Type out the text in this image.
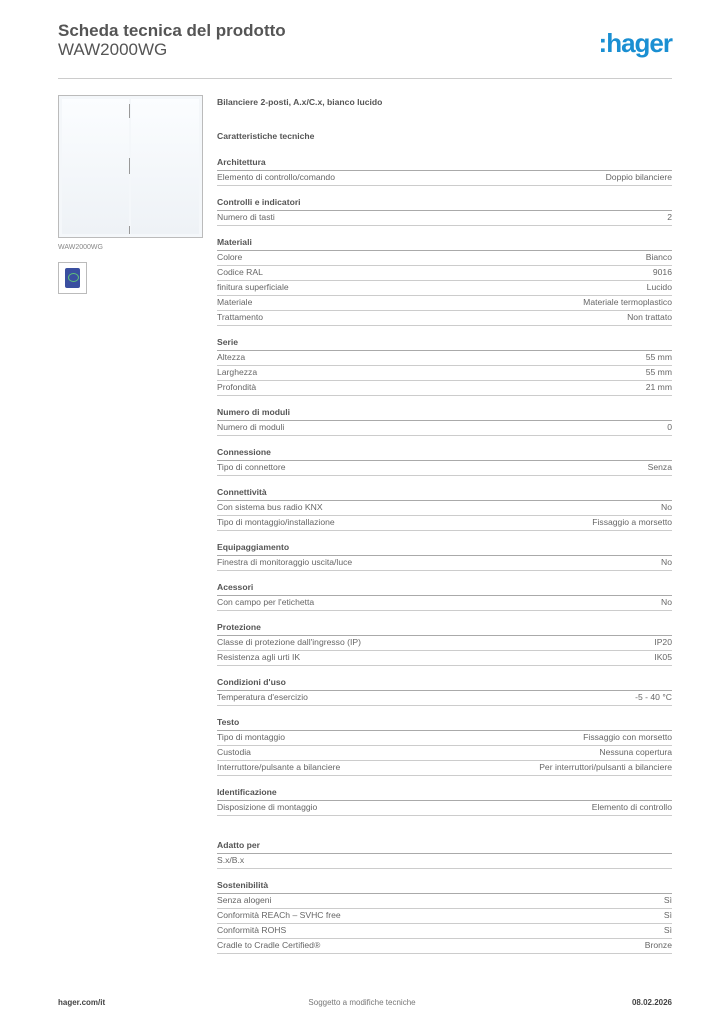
Scheda tecnica del prodotto
WAW2000WG	:hager
WAW2000WG
Bilanciere 2-posti, A.x/C.x, bianco lucido
Caratteristiche tecniche
Architettura
Elemento di controllo/comando	Doppio bilanciere
Controlli e indicatori
Numero di tasti	2
Materiali
Colore	Bianco
Codice RAL	9016
finitura superficiale	Lucido
Materiale	Materiale termoplastico
Trattamento	Non trattato
Serie
Altezza	55 mm
Larghezza	55 mm
Profondità	21 mm
Numero di moduli
Numero di moduli	0
Connessione
Tipo di connettore	Senza
Connettività
Con sistema bus radio KNX	No
Tipo di montaggio/installazione	Fissaggio a morsetto
Equipaggiamento
Finestra di monitoraggio uscita/luce	No
Acessori
Con campo per l'etichetta	No
Protezione
Classe di protezione dall'ingresso (IP)	IP20
Resistenza agli urti IK	IK05
Condizioni d'uso
Temperatura d'esercizio	-5 - 40 °C
Testo
Tipo di montaggio	Fissaggio con morsetto
Custodia	Nessuna copertura
Interruttore/pulsante a bilanciere	Per interruttori/pulsanti a bilanciere
Identificazione
Disposizione di montaggio	Elemento di controllo
Adatto per
S.x/B.x
Sostenibilità
Senza alogeni	Sì
Conformità REACh – SVHC free	Sì
Conformità ROHS	Sì
Cradle to Cradle Certified®	Bronze
Soggetto a modifiche tecniche
hager.com/it	08.02.2026
